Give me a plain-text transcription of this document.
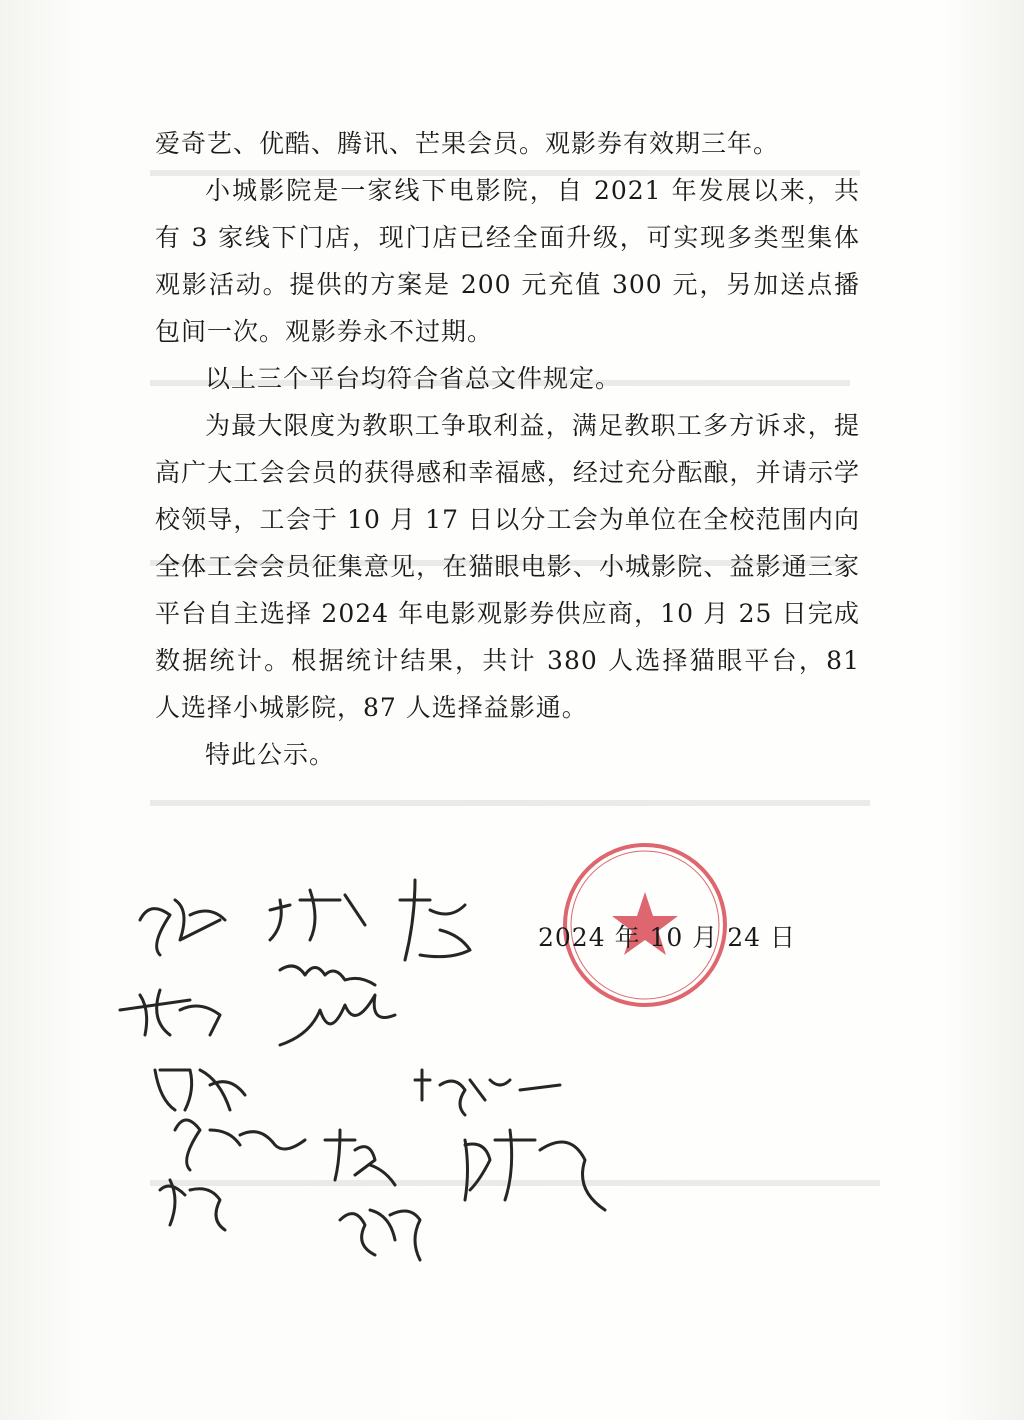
爱奇艺、优酷、腾讯、芒果会员。观影券有效期三年。

小城影院是一家线下电影院，自 2021 年发展以来，共有 3 家线下门店，现门店已经全面升级，可实现多类型集体观影活动。提供的方案是 200 元充值 300 元，另加送点播包间一次。观影券永不过期。

以上三个平台均符合省总文件规定。

为最大限度为教职工争取利益，满足教职工多方诉求，提高广大工会会员的获得感和幸福感，经过充分酝酿，并请示学校领导，工会于 10 月 17 日以分工会为单位在全校范围内向全体工会会员征集意见，在猫眼电影、小城影院、益影通三家平台自主选择 2024 年电影观影券供应商，10 月 25 日完成数据统计。根据统计结果，共计 380 人选择猫眼平台，81 人选择小城影院，87 人选择益影通。

特此公示。

2024 年 10 月 24 日
